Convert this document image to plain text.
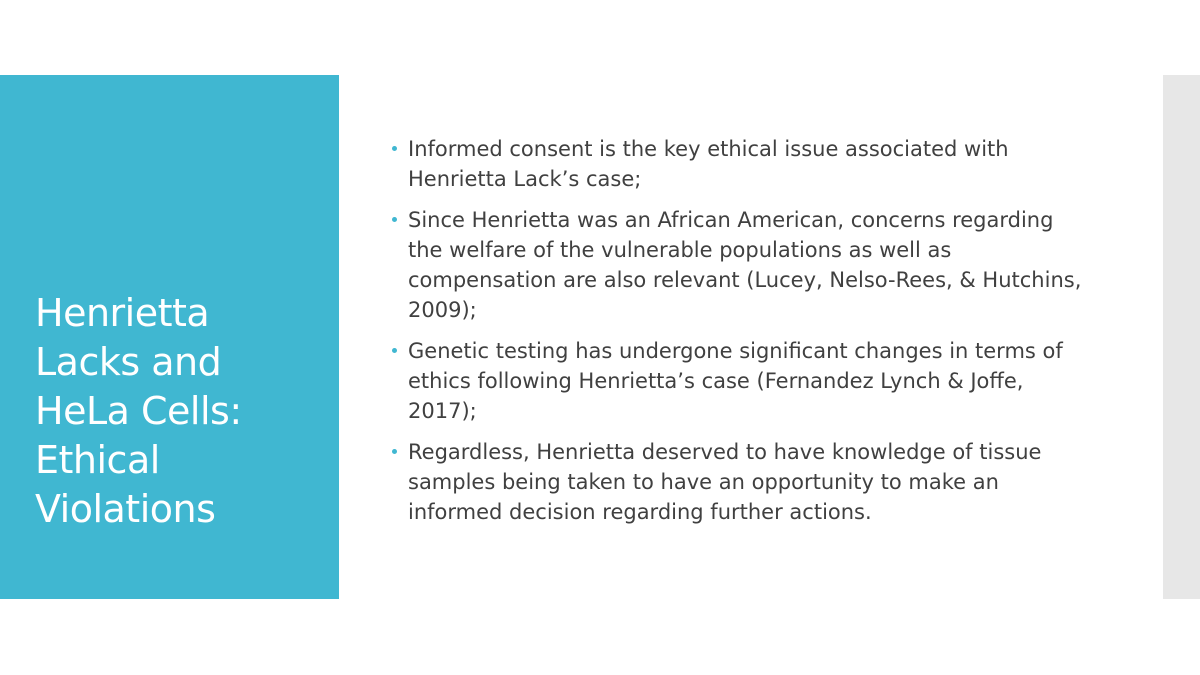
Henrietta Lacks and HeLa Cells: Ethical Violations
Informed consent is the key ethical issue associated with Henrietta Lack’s case;
Since Henrietta was an African American, concerns regarding the welfare of the vulnerable populations as well as compensation are also relevant (Lucey, Nelso-Rees, & Hutchins, 2009);
Genetic testing has undergone significant changes in terms of ethics following Henrietta’s case (Fernandez Lynch & Joffe, 2017);
Regardless, Henrietta deserved to have knowledge of tissue samples being taken to have an opportunity to make an informed decision regarding further actions.
